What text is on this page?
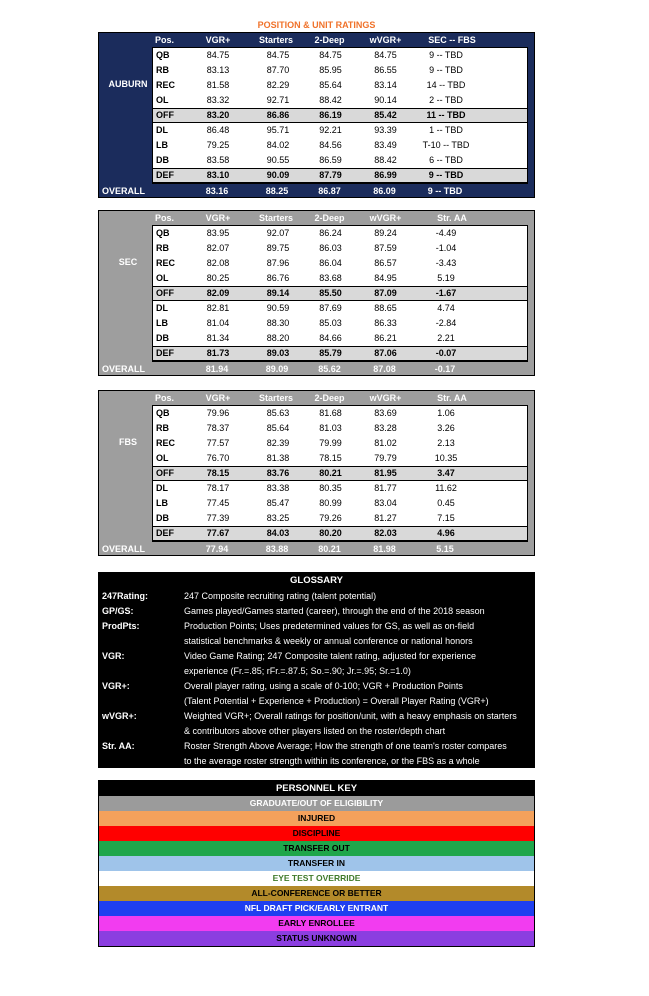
POSITION & UNIT RATINGS
Pos.	VGR+	Starters	2-Deep	wVGR+	SEC -- FBS
AUBURN
QB	84.75	84.75	84.75	84.75	9 -- TBD
RB	83.13	87.70	85.95	86.55	9 -- TBD
REC	81.58	82.29	85.64	83.14	14 -- TBD
OL	83.32	92.71	88.42	90.14	2 -- TBD
OFF	83.20	86.86	86.19	85.42	11 -- TBD
DL	86.48	95.71	92.21	93.39	1 -- TBD
LB	79.25	84.02	84.56	83.49	T-10 -- TBD
DB	83.58	90.55	86.59	88.42	6 -- TBD
DEF	83.10	90.09	87.79	86.99	9 -- TBD
OVERALL	83.16	88.25	86.87	86.09	9 -- TBD
Pos.	VGR+	Starters	2-Deep	wVGR+	Str. AA
SEC
QB	83.95	92.07	86.24	89.24	-4.49
RB	82.07	89.75	86.03	87.59	-1.04
REC	82.08	87.96	86.04	86.57	-3.43
OL	80.25	86.76	83.68	84.95	5.19
OFF	82.09	89.14	85.50	87.09	-1.67
DL	82.81	90.59	87.69	88.65	4.74
LB	81.04	88.30	85.03	86.33	-2.84
DB	81.34	88.20	84.66	86.21	2.21
DEF	81.73	89.03	85.79	87.06	-0.07
OVERALL	81.94	89.09	85.62	87.08	-0.17
Pos.	VGR+	Starters	2-Deep	wVGR+	Str. AA
FBS
QB	79.96	85.63	81.68	83.69	1.06
RB	78.37	85.64	81.03	83.28	3.26
REC	77.57	82.39	79.99	81.02	2.13
OL	76.70	81.38	78.15	79.79	10.35
OFF	78.15	83.76	80.21	81.95	3.47
DL	78.17	83.38	80.35	81.77	11.62
LB	77.45	85.47	80.99	83.04	0.45
DB	77.39	83.25	79.26	81.27	7.15
DEF	77.67	84.03	80.20	82.03	4.96
OVERALL	77.94	83.88	80.21	81.98	5.15
GLOSSARY
247Rating:	247 Composite recruiting rating (talent potential)
GP/GS:	Games played/Games started (career), through the end of the 2018 season
ProdPts:	Production Points; Uses predetermined values for GS, as well as on-field
statistical benchmarks & weekly or annual conference or national honors
VGR:	Video Game Rating; 247 Composite talent rating, adjusted for experience
experience (Fr.=.85; rFr.=.87.5; So.=.90; Jr.=.95; Sr.=1.0)
VGR+:	Overall player rating, using a scale of 0-100; VGR + Production Points
(Talent Potential + Experience + Production) = Overall Player Rating (VGR+)
wVGR+:	Weighted VGR+; Overall ratings for position/unit, with a heavy emphasis on starters
& contributors above other players listed on the roster/depth chart
Str. AA:	Roster Strength Above Average; How the strength of one team's roster compares
to the average roster strength within its conference, or the FBS as a whole
PERSONNEL KEY
GRADUATE/OUT OF ELIGIBILITY
INJURED
DISCIPLINE
TRANSFER OUT
TRANSFER IN
EYE TEST OVERRIDE
ALL-CONFERENCE OR BETTER
NFL DRAFT PICK/EARLY ENTRANT
EARLY ENROLLEE
STATUS UNKNOWN
